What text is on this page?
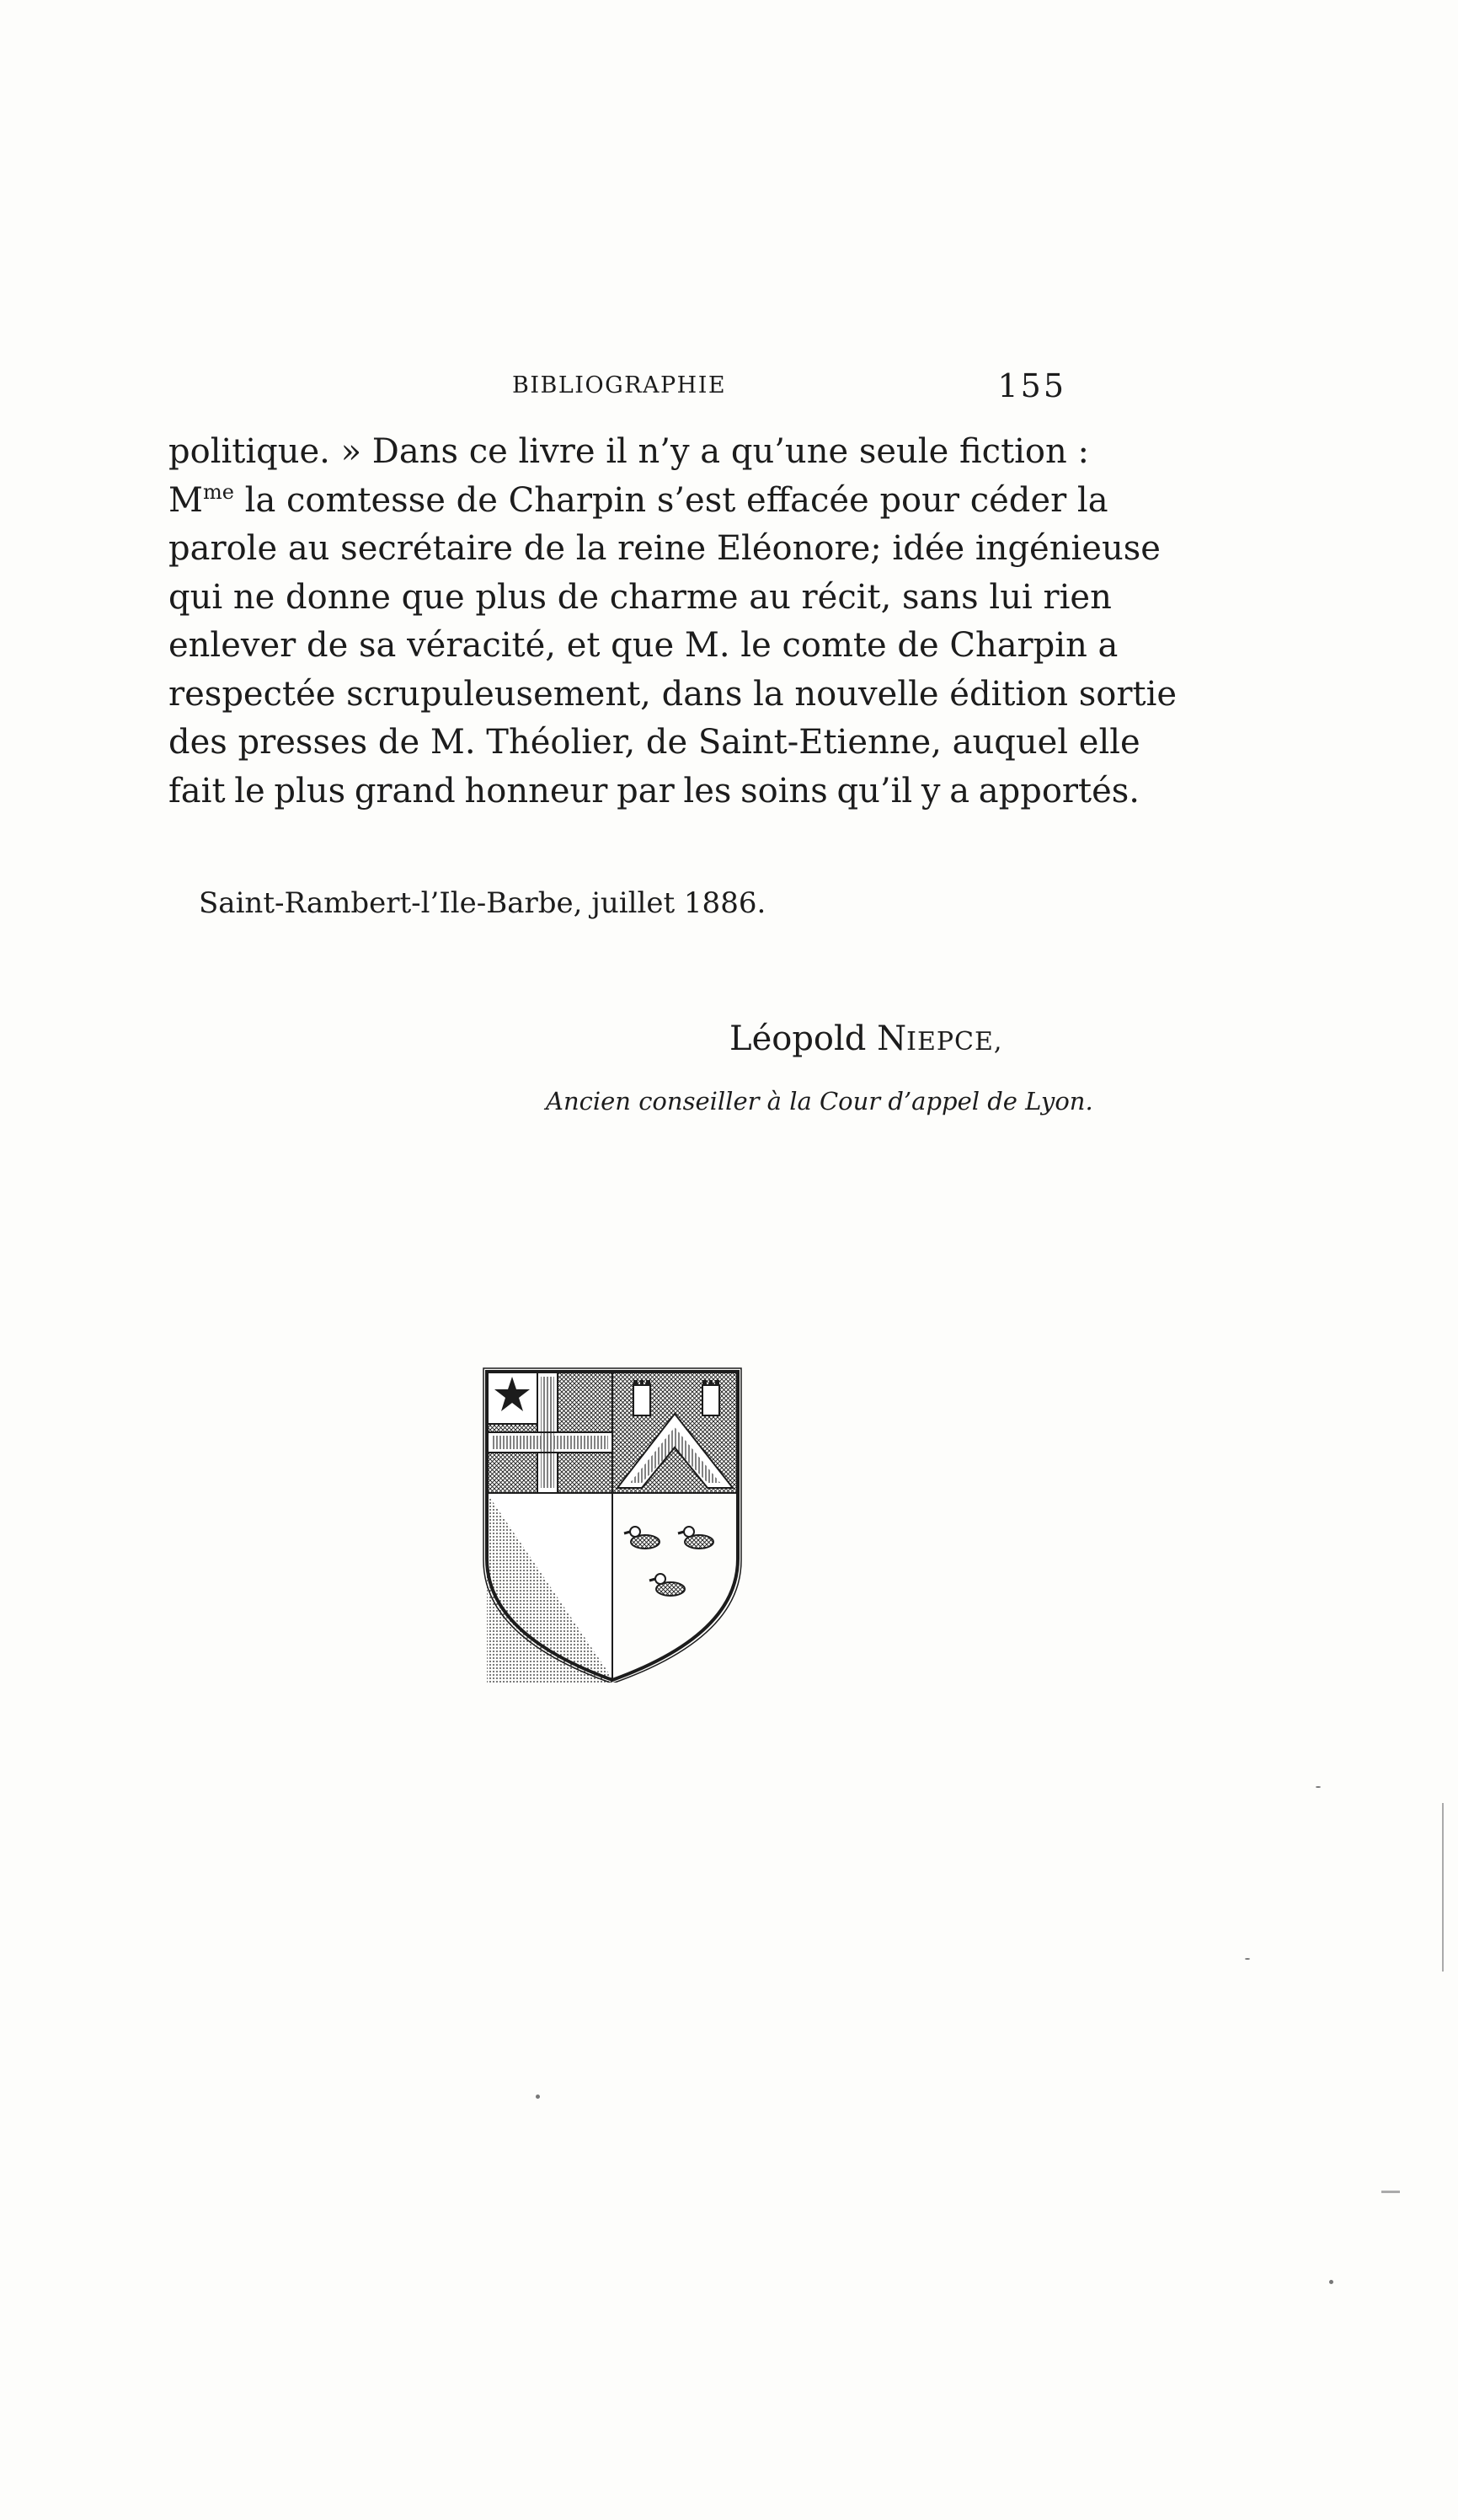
BIBLIOGRAPHIE	155
politique. » Dans ce livre il n’y a qu’une seule fiction :
$M^{me}$ la comtesse de Charpin s’est effacée pour céder la
parole au secrétaire de la reine Eléonore; idée ingénieuse
qui ne donne que plus de charme au récit, sans lui rien
enlever de sa véracité, et que M. le comte de Charpin a
respectée scrupuleusement, dans la nouvelle édition sortie
des presses de M. Théolier, de Saint-Etienne, auquel elle
fait le plus grand honneur par les soins qu’il y a apportés.
Saint-Rambert-l’Ile-Barbe, juillet 1886.
Léopold NIEPCE,
Ancien conseiller à la Cour d’appel de Lyon.
